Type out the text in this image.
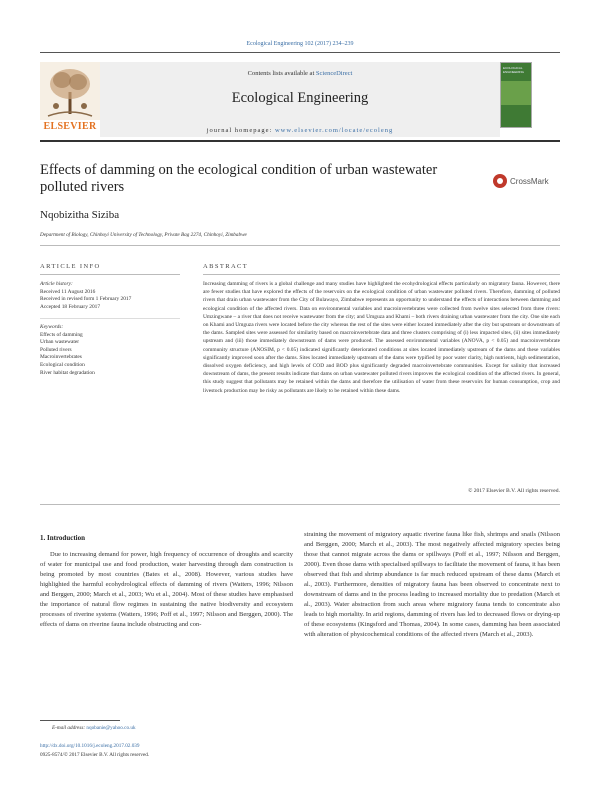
Ecological Engineering 102 (2017) 234–239
Contents lists available at ScienceDirect
Ecological Engineering
journal homepage: www.elsevier.com/locate/ecoleng
ELSEVIER
ECOLOGICAL ENGINEERING
Effects of damming on the ecological condition of urban wastewater polluted rivers	CrossMark
Nqobizitha Siziba
Department of Biology, Chinhoyi University of Technology, Private Bag 2274, Chinhoyi, Zimbabwe
ARTICLE INFO	ABSTRACT
Article history:
Received 11 August 2016
Received in revised form 1 February 2017
Accepted 18 February 2017
Keywords:
Effects of damming
Urban wastewater
Polluted rivers
Macroinvertebrates
Ecological condition
River habitat degradation
Increasing damming of rivers is a global challenge and many studies have highlighted the ecohydrological effects particularly on migratory fauna. However, there are fewer studies that have explored the effects of the reservoirs on the ecological condition of urban wastewater polluted rivers. Therefore, damming of polluted rivers that drain urban wastewater from the City of Bulawayo, Zimbabwe represents an opportunity to understand the effects of interactions between damming and ecological condition of the affected rivers. Data on environmental variables and macroinvertebrates were collected from twelve sites selected from three rivers: Umzingwane – a river that does not receive wastewater from the city; and Umguza and Khami – both rivers draining urban wastewater from the city. One site each on Khami and Umguza rivers were located before the city whereas the rest of the sites were either located immediately after the city but upstream or downstream of the dams. Sampled sites were assessed for similarity based on macroinvertebrate data and three clusters comprising of (i) less impacted sites, (ii) sites immediately upstream and (iii) those immediately downstream of dams were produced. The assessed environmental variables (ANOVA, p < 0.05) and macroinvertebrate community structure (ANOSIM, p < 0.05) indicated significantly deteriorated conditions at sites located immediately upstream of the dams and these variables significantly improved soon after the dams. Sites located immediately upstream of the dams were typified by poor water clarity, high nutrients, high sedimentation, dissolved oxygen deficiency, and high levels of COD and BOD plus significantly degraded macroinvertebrate communities. Except for salinity that increased downstream of dams, the present results indicate that dams on urban wastewater polluted rivers improves the ecological condition of the affected rivers. In general, this study suggest that pollutants may be retained within the dams and therefore the utilisation of water from these reservoirs for human consumption, crop and livestock production may be risky as pollutants are likely to be retained within these dams.
© 2017 Elsevier B.V. All rights reserved.
1. Introduction

Due to increasing demand for power, high frequency of occurrence of droughts and scarcity of water for municipal use and food production, water harvesting through dam construction is being promoted by most countries (Bates et al., 2008). However, various studies have highlighted the harmful ecohydrological effects of damming of rivers (Watters, 1996; Nilsson and Berggen, 2000; March et al., 2003; Wu et al., 2004). Most of these studies have emphasised the importance of natural flow regimes in sustaining the native biodiversity and ecosystem processes of riverine systems (Watters, 1996; Poff et al., 1997; Nilsson and Berggen, 2000). The effects of dams on riverine fauna include obstructing and con-

straining the movement of migratory aquatic riverine fauna like fish, shrimps and snails (Nilsson and Berggen, 2000; March et al., 2003). The most negatively affected migratory species being those that cannot migrate across the dams or spillways (Poff et al., 1997; Nilsson and Berggen, 2000). Even those dams with specialised spillways to facilitate the movement of fauna, it has been observed that fish and shrimp abundance is far much reduced upstream of these dams (March et al., 2003). Furthermore, densities of migratory fauna has been observed to concentrate next to downstream of dams and in the process leading to increased mortality due to predation (March et al., 2003). Water abstraction from such areas where migratory fauna tends to concentrate also leads to high mortality. In arid regions, damming of rivers has led to decreased flows or drying-up of these ecosystems (Kingsford and Thomas, 2004). In some cases, damming has been associated with alteration of physicochemical conditions of the affected rivers (March et al., 2003).

E-mail address: nqobanie@yahoo.co.uk
http://dx.doi.org/10.1016/j.ecoleng.2017.02.039
0925-8574/© 2017 Elsevier B.V. All rights reserved.
